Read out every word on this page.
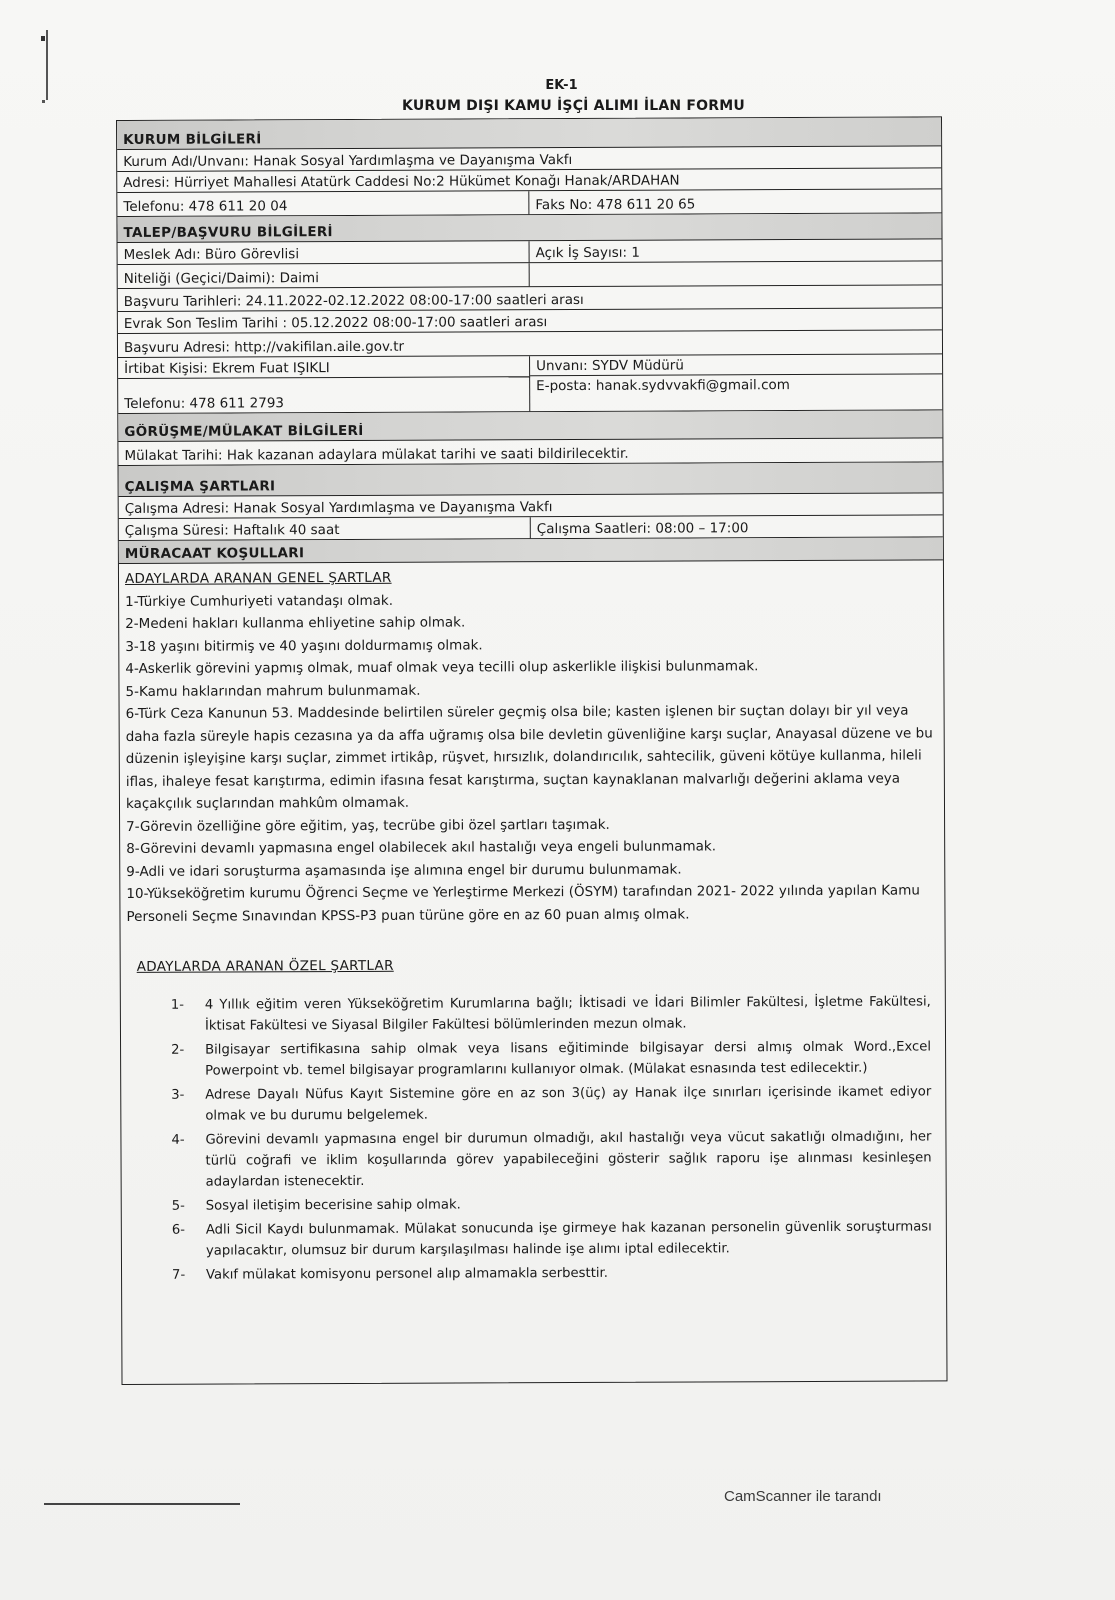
EK-1
KURUM DIŞI KAMU İŞÇİ ALIMI İLAN FORMU
KURUM BİLGİLERİ
Kurum Adı/Unvanı: Hanak Sosyal Yardımlaşma ve Dayanışma Vakfı
Adresi: Hürriyet Mahallesi Atatürk Caddesi No:2 Hükümet Konağı Hanak/ARDAHAN
Telefonu: 478 611 20 04	Faks No: 478 611 20 65
TALEP/BAŞVURU BİLGİLERİ
Meslek Adı: Büro Görevlisi	Açık İş Sayısı: 1
Niteliği (Geçici/Daimi): Daimi
Başvuru Tarihleri: 24.11.2022-02.12.2022 08:00-17:00 saatleri arası
Evrak Son Teslim Tarihi : 05.12.2022 08:00-17:00 saatleri arası
Başvuru Adresi: http://vakifilan.aile.gov.tr
İrtibat Kişisi: Ekrem Fuat IŞIKLI	Unvanı: SYDV Müdürü
Telefonu: 478 611 2793
E-posta: hanak.sydvvakfi@gmail.com
GÖRÜŞME/MÜLAKAT BİLGİLERİ
Mülakat Tarihi: Hak kazanan adaylara mülakat tarihi ve saati bildirilecektir.
ÇALIŞMA ŞARTLARI
Çalışma Adresi: Hanak Sosyal Yardımlaşma ve Dayanışma Vakfı
Çalışma Süresi: Haftalık 40 saat	Çalışma Saatleri: 08:00 – 17:00
MÜRACAAT KOŞULLARI
ADAYLARDA ARANAN GENEL ŞARTLAR
1-Türkiye Cumhuriyeti vatandaşı olmak.
2-Medeni hakları kullanma ehliyetine sahip olmak.
3-18 yaşını bitirmiş ve 40 yaşını doldurmamış olmak.
4-Askerlik görevini yapmış olmak, muaf olmak veya tecilli olup askerlikle ilişkisi bulunmamak.
5-Kamu haklarından mahrum bulunmamak.
6-Türk Ceza Kanunun 53. Maddesinde belirtilen süreler geçmiş olsa bile; kasten işlenen bir suçtan dolayı bir yıl veya daha fazla süreyle hapis cezasına ya da affa uğramış olsa bile devletin güvenliğine karşı suçlar, Anayasal düzene ve bu düzenin işleyişine karşı suçlar, zimmet irtikâp, rüşvet, hırsızlık, dolandırıcılık, sahtecilik, güveni kötüye kullanma, hileli iflas, ihaleye fesat karıştırma, edimin ifasına fesat karıştırma, suçtan kaynaklanan malvarlığı değerini aklama veya kaçakçılık suçlarından mahkûm olmamak.
7-Görevin özelliğine göre eğitim, yaş, tecrübe gibi özel şartları taşımak.
8-Görevini devamlı yapmasına engel olabilecek akıl hastalığı veya engeli bulunmamak.
9-Adli ve idari soruşturma aşamasında işe alımına engel bir durumu bulunmamak.
10-Yükseköğretim kurumu Öğrenci Seçme ve Yerleştirme Merkezi (ÖSYM) tarafından 2021- 2022 yılında yapılan Kamu Personeli Seçme Sınavından KPSS-P3 puan türüne göre en az 60 puan almış olmak.
ADAYLARDA ARANAN ÖZEL ŞARTLAR
1-	4 Yıllık eğitim veren Yükseköğretim Kurumlarına bağlı; İktisadi ve İdari Bilimler Fakültesi, İşletme Fakültesi, İktisat Fakültesi ve Siyasal Bilgiler Fakültesi bölümlerinden mezun olmak.
2-	Bilgisayar sertifikasına sahip olmak veya lisans eğitiminde bilgisayar dersi almış olmak Word.,Excel Powerpoint vb. temel bilgisayar programlarını kullanıyor olmak. (Mülakat esnasında test edilecektir.)
3-	Adrese Dayalı Nüfus Kayıt Sistemine göre en az son 3(üç) ay Hanak ilçe sınırları içerisinde ikamet ediyor olmak ve bu durumu belgelemek.
4-	Görevini devamlı yapmasına engel bir durumun olmadığı, akıl hastalığı veya vücut sakatlığı olmadığını, her türlü coğrafi ve iklim koşullarında görev yapabileceğini gösterir sağlık raporu işe alınması kesinleşen adaylardan istenecektir.
5-	Sosyal iletişim becerisine sahip olmak.
6-	Adli Sicil Kaydı bulunmamak. Mülakat sonucunda işe girmeye hak kazanan personelin güvenlik soruşturması yapılacaktır, olumsuz bir durum karşılaşılması halinde işe alımı iptal edilecektir.
7-	Vakıf mülakat komisyonu personel alıp almamakla serbesttir.
CamScanner ile tarandı
